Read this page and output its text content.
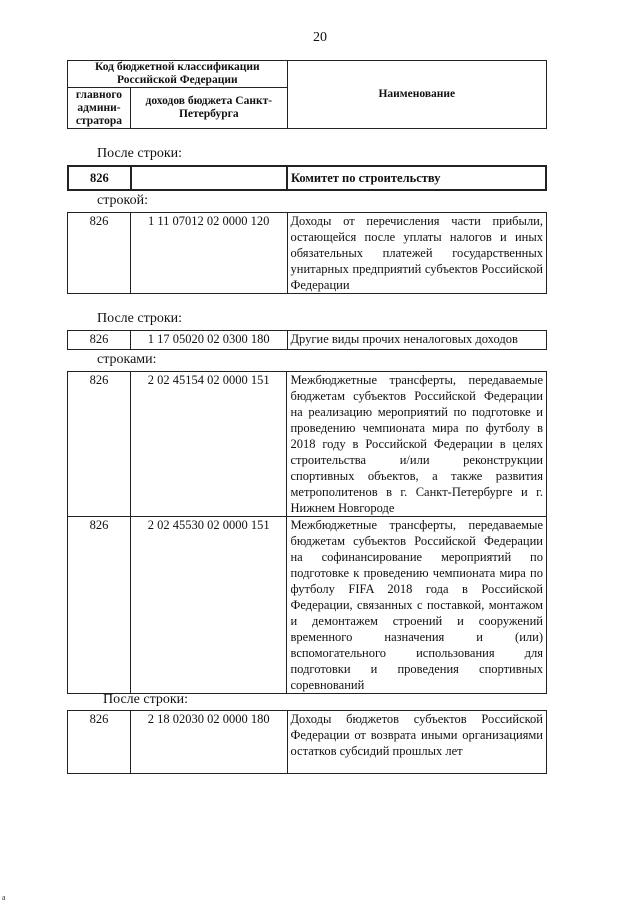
20
Код бюджетной классификации Российской Федерации		Наименование
главного админи- стратора	доходов бюджета Санкт-Петербурга	
После строки:
826		Комитет по строительству
строкой:
826	1 11 07012 02 0000 120	Доходы от перечисления части прибыли, остающейся после уплаты налогов и иных обязательных платежей государственных унитарных предприятий субъектов Российской Федерации
После строки:
826	1 17 05020 02 0300 180	Другие виды прочих неналоговых доходов
строками:
826	2 02 45154 02 0000 151	Межбюджетные трансферты, передаваемые бюджетам субъектов Российской Федерации на реализацию мероприятий по подготовке и проведению чемпионата мира по футболу в 2018 году в Российской Федерации в целях строительства и/или реконструкции спортивных объектов, а также развития метрополитенов в г. Санкт-Петербурге и г. Нижнем Новгороде
826	2 02 45530 02 0000 151	Межбюджетные трансферты, передаваемые бюджетам субъектов Российской Федерации на софинансирование мероприятий по подготовке к проведению чемпионата мира по футболу FIFA 2018 года в Российской Федерации, связанных с поставкой, монтажом и демонтажем строений и сооружений временного назначения и (или) вспомогательного использования для подготовки и проведения спортивных соревнований
После строки:
826	2 18 02030 02 0000 180	Доходы бюджетов субъектов Российской Федерации от возврата иными организациями остатков субсидий прошлых лет
a
